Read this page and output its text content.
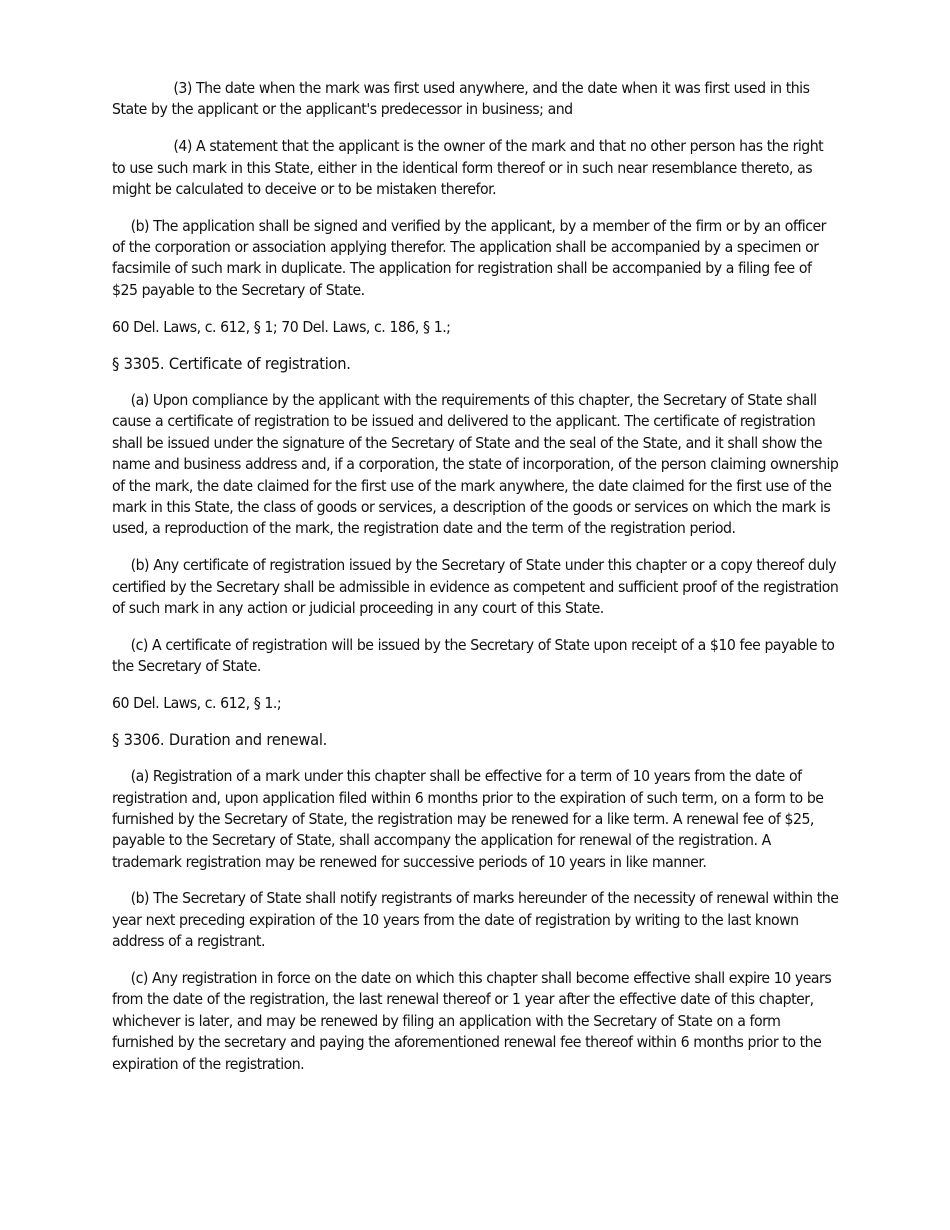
(3) The date when the mark was first used anywhere, and the date when it was first used in this State by the applicant or the applicant's predecessor in business; and

(4) A statement that the applicant is the owner of the mark and that no other person has the right to use such mark in this State, either in the identical form thereof or in such near resemblance thereto, as might be calculated to deceive or to be mistaken therefor.

(b) The application shall be signed and verified by the applicant, by a member of the firm or by an officer of the corporation or association applying therefor. The application shall be accompanied by a specimen or facsimile of such mark in duplicate. The application for registration shall be accompanied by a filing fee of $25 payable to the Secretary of State.

60 Del. Laws, c. 612, § 1; 70 Del. Laws, c. 186, § 1.;

§ 3305. Certificate of registration.

(a) Upon compliance by the applicant with the requirements of this chapter, the Secretary of State shall cause a certificate of registration to be issued and delivered to the applicant. The certificate of registration shall be issued under the signature of the Secretary of State and the seal of the State, and it shall show the name and business address and, if a corporation, the state of incorporation, of the person claiming ownership of the mark, the date claimed for the first use of the mark anywhere, the date claimed for the first use of the mark in this State, the class of goods or services, a description of the goods or services on which the mark is used, a reproduction of the mark, the registration date and the term of the registration period.

(b) Any certificate of registration issued by the Secretary of State under this chapter or a copy thereof duly certified by the Secretary shall be admissible in evidence as competent and sufficient proof of the registration of such mark in any action or judicial proceeding in any court of this State.

(c) A certificate of registration will be issued by the Secretary of State upon receipt of a $10 fee payable to the Secretary of State.

60 Del. Laws, c. 612, § 1.;

§ 3306. Duration and renewal.

(a) Registration of a mark under this chapter shall be effective for a term of 10 years from the date of registration and, upon application filed within 6 months prior to the expiration of such term, on a form to be furnished by the Secretary of State, the registration may be renewed for a like term. A renewal fee of $25, payable to the Secretary of State, shall accompany the application for renewal of the registration. A trademark registration may be renewed for successive periods of 10 years in like manner.

(b) The Secretary of State shall notify registrants of marks hereunder of the necessity of renewal within the year next preceding expiration of the 10 years from the date of registration by writing to the last known address of a registrant.

(c) Any registration in force on the date on which this chapter shall become effective shall expire 10 years from the date of the registration, the last renewal thereof or 1 year after the effective date of this chapter, whichever is later, and may be renewed by filing an application with the Secretary of State on a form furnished by the secretary and paying the aforementioned renewal fee thereof within 6 months prior to the expiration of the registration.
